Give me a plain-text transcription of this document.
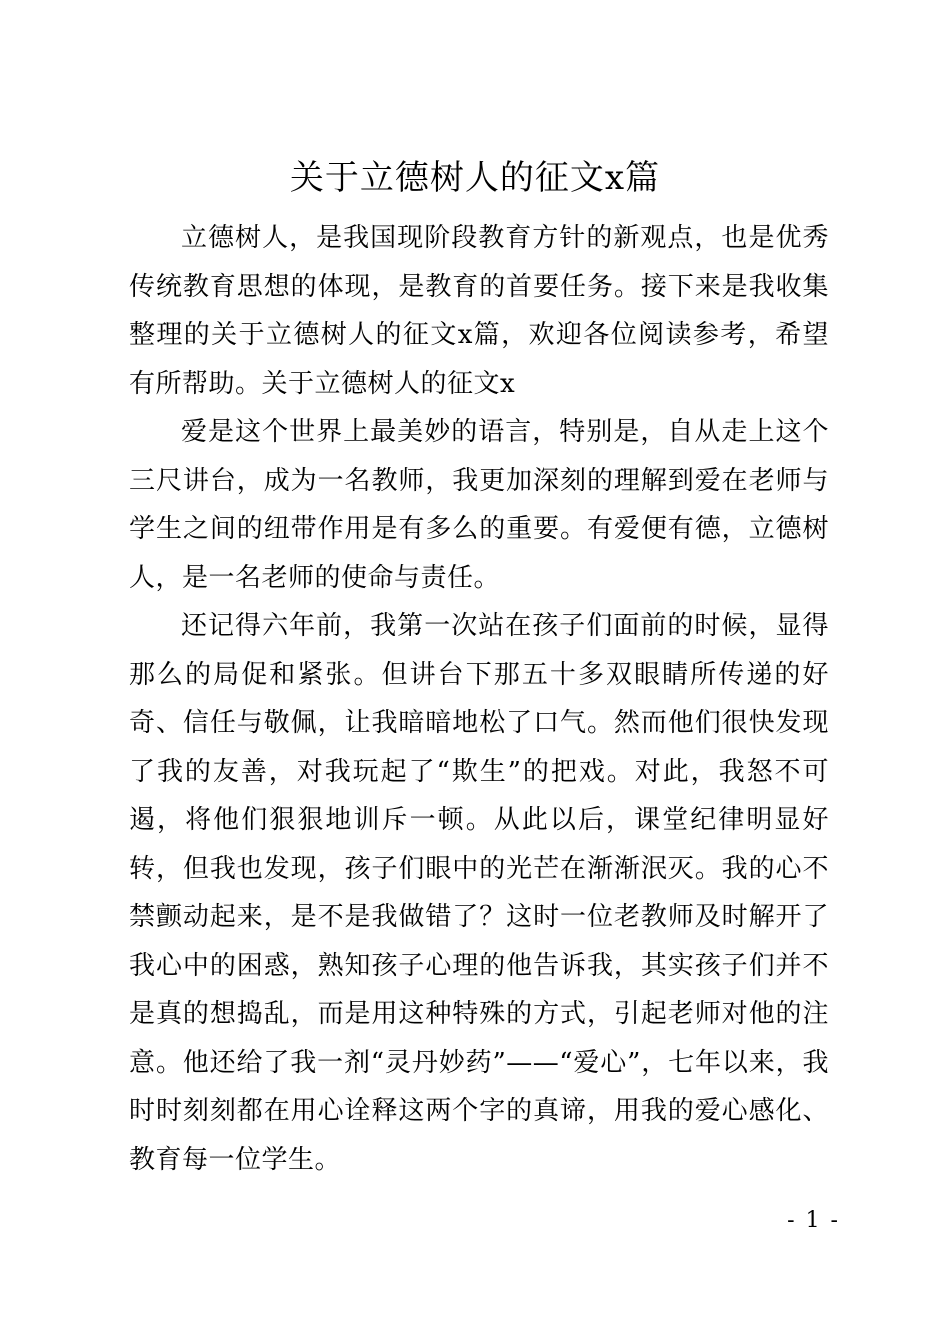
关于立德树人的征文x篇

立德树人，是我国现阶段教育方针的新观点，也是优秀传统教育思想的体现，是教育的首要任务。接下来是我收集整理的关于立德树人的征文x篇，欢迎各位阅读参考，希望有所帮助。关于立德树人的征文x

爱是这个世界上最美妙的语言，特别是，自从走上这个三尺讲台，成为一名教师，我更加深刻的理解到爱在老师与学生之间的纽带作用是有多么的重要。有爱便有德，立德树人，是一名老师的使命与责任。

还记得六年前，我第一次站在孩子们面前的时候，显得那么的局促和紧张。但讲台下那五十多双眼睛所传递的好奇、信任与敬佩，让我暗暗地松了口气。然而他们很快发现了我的友善，对我玩起了“欺生”的把戏。对此，我怒不可遏，将他们狠狠地训斥一顿。从此以后，课堂纪律明显好转，但我也发现，孩子们眼中的光芒在渐渐泯灭。我的心不禁颤动起来，是不是我做错了？这时一位老教师及时解开了我心中的困惑，熟知孩子心理的他告诉我，其实孩子们并不是真的想捣乱，而是用这种特殊的方式，引起老师对他的注意。他还给了我一剂“灵丹妙药”——“爱心”，七年以来，我时时刻刻都在用心诠释这两个字的真谛，用我的爱心感化、教育每一位学生。

- 1 -
